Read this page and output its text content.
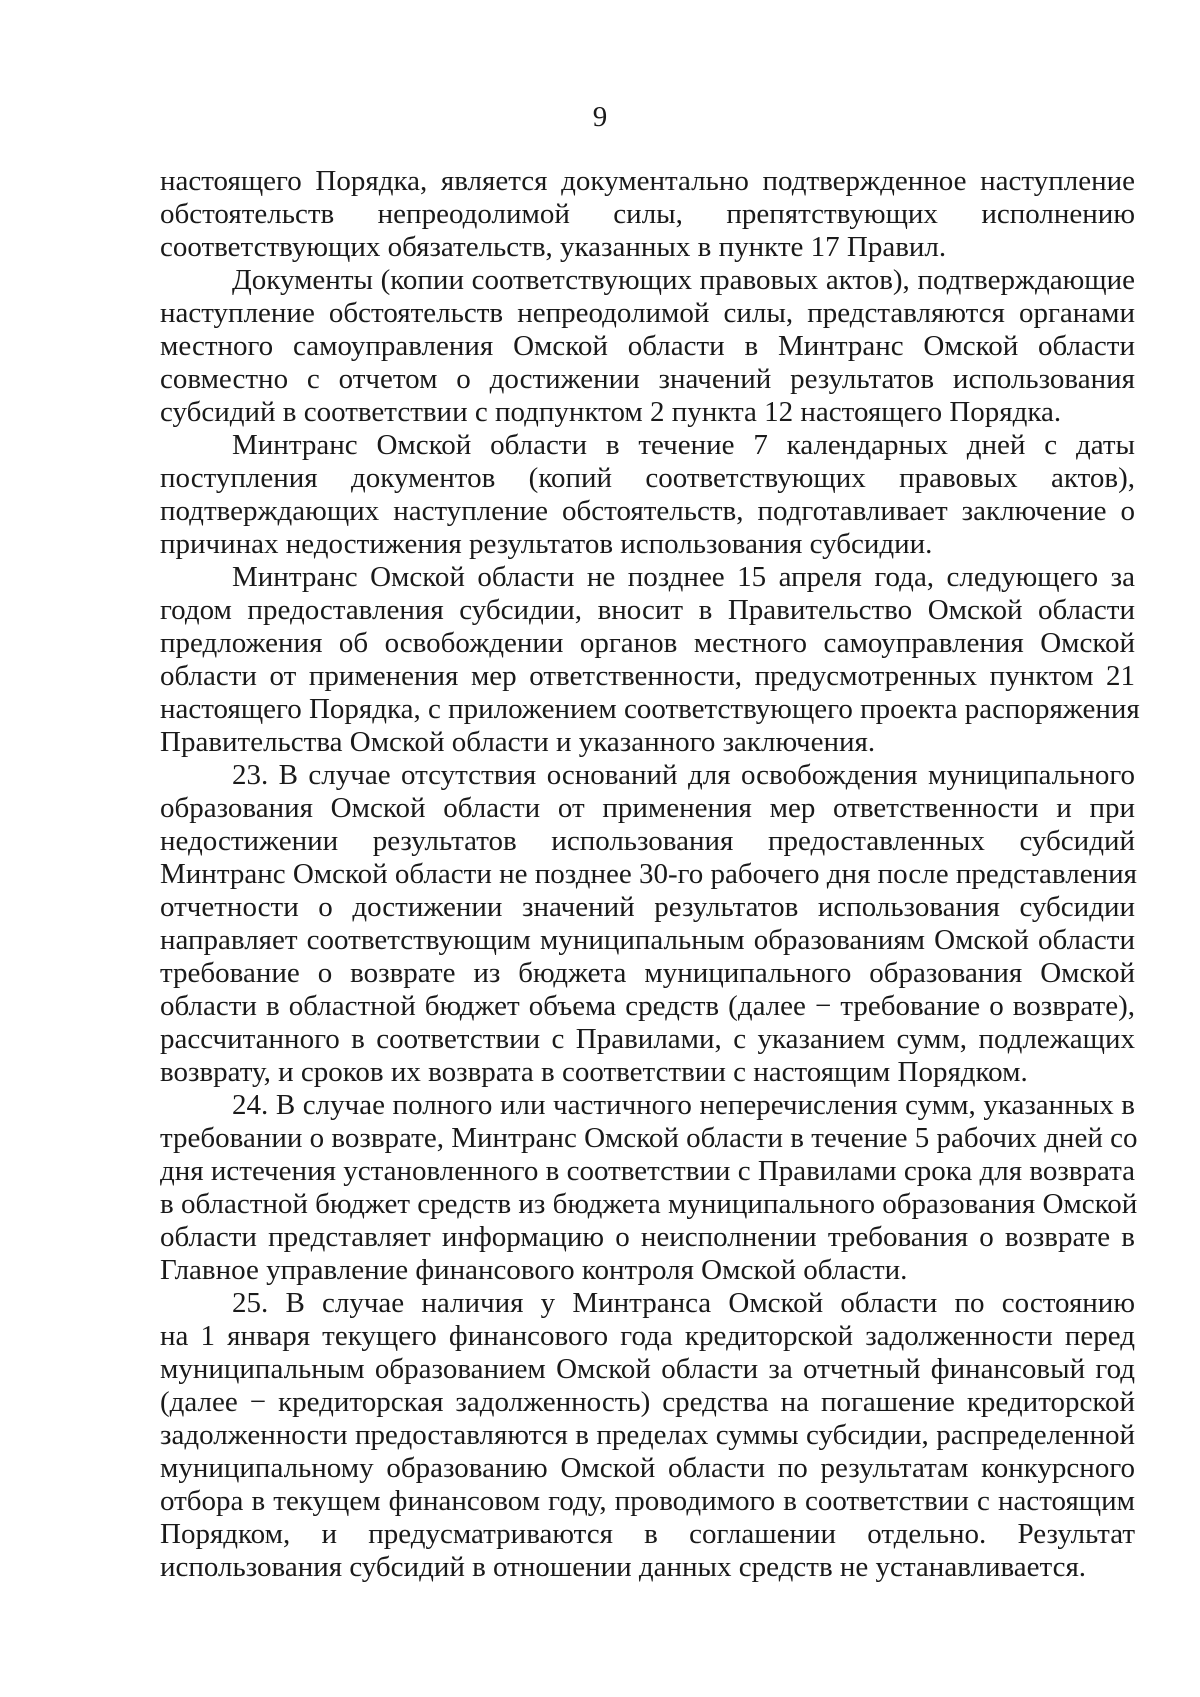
9

настоящего Порядка, является документально подтвержденное наступление
обстоятельств непреодолимой силы, препятствующих исполнению
соответствующих обязательств, указанных в пункте 17 Правил.

Документы (копии соответствующих правовых актов), подтверждающие
наступление обстоятельств непреодолимой силы, представляются органами
местного самоуправления Омской области в Минтранс Омской области
совместно с отчетом о достижении значений результатов использования
субсидий в соответствии с подпунктом 2 пункта 12 настоящего Порядка.

Минтранс Омской области в течение 7 календарных дней с даты
поступления документов (копий соответствующих правовых актов),
подтверждающих наступление обстоятельств, подготавливает заключение о
причинах недостижения результатов использования субсидии.

Минтранс Омской области не позднее 15 апреля года, следующего за
годом предоставления субсидии, вносит в Правительство Омской области
предложения об освобождении органов местного самоуправления Омской
области от применения мер ответственности, предусмотренных пунктом 21
настоящего Порядка, с приложением соответствующего проекта распоряжения
Правительства Омской области и указанного заключения.

23. В случае отсутствия оснований для освобождения муниципального
образования Омской области от применения мер ответственности и при
недостижении результатов использования предоставленных субсидий
Минтранс Омской области не позднее 30-го рабочего дня после представления
отчетности о достижении значений результатов использования субсидии
направляет соответствующим муниципальным образованиям Омской области
требование о возврате из бюджета муниципального образования Омской
области в областной бюджет объема средств (далее − требование о возврате),
рассчитанного в соответствии с Правилами, с указанием сумм, подлежащих
возврату, и сроков их возврата в соответствии с настоящим Порядком.

24. В случае полного или частичного неперечисления сумм, указанных в
требовании о возврате, Минтранс Омской области в течение 5 рабочих дней со
дня истечения установленного в соответствии с Правилами срока для возврата
в областной бюджет средств из бюджета муниципального образования Омской
области представляет информацию о неисполнении требования о возврате в
Главное управление финансового контроля Омской области.

25. В случае наличия у Минтранса Омской области по состоянию
на 1 января текущего финансового года кредиторской задолженности перед
муниципальным образованием Омской области за отчетный финансовый год
(далее − кредиторская задолженность) средства на погашение кредиторской
задолженности предоставляются в пределах суммы субсидии, распределенной
муниципальному образованию Омской области по результатам конкурсного
отбора в текущем финансовом году, проводимого в соответствии с настоящим
Порядком, и предусматриваются в соглашении отдельно. Результат
использования субсидий в отношении данных средств не устанавливается.
